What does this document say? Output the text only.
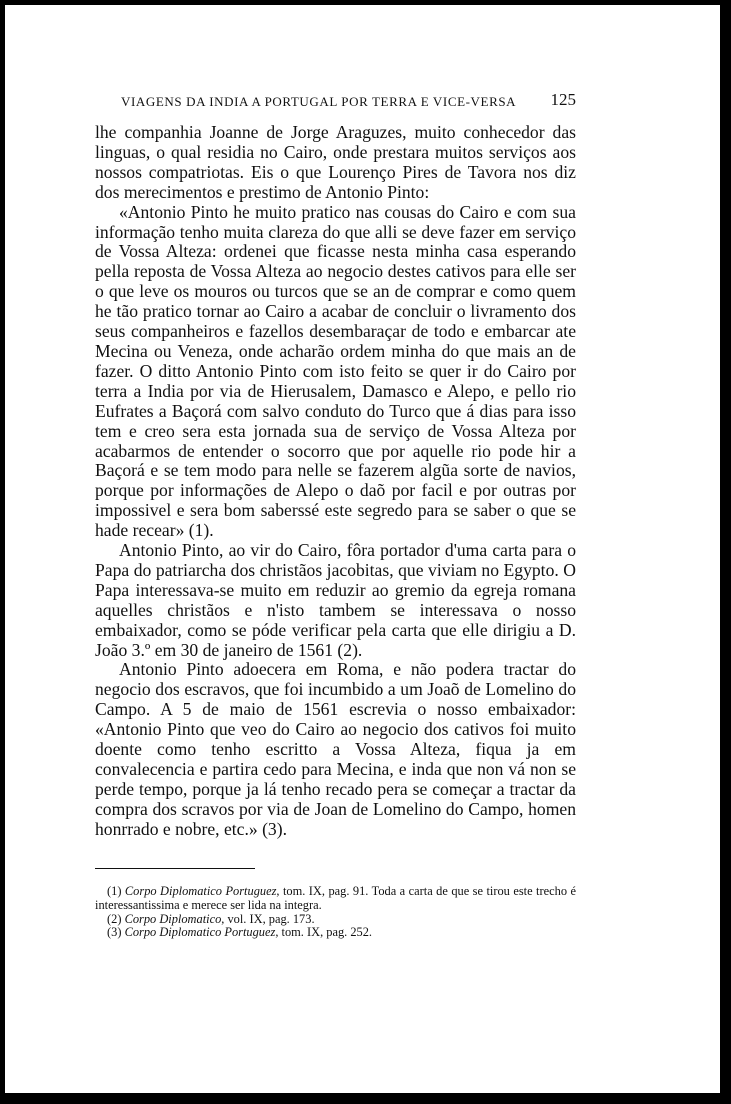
VIAGENS DA INDIA A PORTUGAL POR TERRA E VICE-VERSA 125

lhe companhia Joanne de Jorge Araguzes, muito conhecedor das linguas, o qual residia no Cairo, onde prestara muitos serviços aos nossos compatriotas. Eis o que Lourenço Pires de Tavora nos diz dos merecimentos e prestimo de Antonio Pinto:

«Antonio Pinto he muito pratico nas cousas do Cairo e com sua informação tenho muita clareza do que alli se deve fazer em serviço de Vossa Alteza: ordenei que ficasse nesta minha casa esperando pella reposta de Vossa Alteza ao negocio destes cativos para elle ser o que leve os mouros ou turcos que se an de comprar e como quem he tão pratico tornar ao Cairo a acabar de concluir o livramento dos seus companheiros e fazellos desembaraçar de todo e embarcar ate Mecina ou Veneza, onde acharão ordem minha do que mais an de fazer. O ditto Antonio Pinto com isto feito se quer ir do Cairo por terra a India por via de Hierusalem, Damasco e Alepo, e pello rio Eufrates a Baçorá com salvo conduto do Turco que á dias para isso tem e creo sera esta jornada sua de serviço de Vossa Alteza por acabarmos de entender o socorro que por aquelle rio pode hir a Baçorá e se tem modo para nelle se fazerem algũa sorte de navios, porque por informações de Alepo o daõ por facil e por outras por impossivel e sera bom saberssé este segredo para se saber o que se hade recear» (1).

Antonio Pinto, ao vir do Cairo, fôra portador d'uma carta para o Papa do patriarcha dos christãos jacobitas, que viviam no Egypto. O Papa interessava-se muito em reduzir ao gremio da egreja romana aquelles christãos e n'isto tambem se interessava o nosso embaixador, como se póde verificar pela carta que elle dirigiu a D. João 3.º em 30 de janeiro de 1561 (2).

Antonio Pinto adoecera em Roma, e não podera tractar do negocio dos escravos, que foi incumbido a um Joaõ de Lomelino do Campo. A 5 de maio de 1561 escrevia o nosso embaixador: «Antonio Pinto que veo do Cairo ao negocio dos cativos foi muito doente como tenho escritto a Vossa Alteza, fiqua ja em convalecencia e partira cedo para Mecina, e inda que non vá non se perde tempo, porque ja lá tenho recado pera se começar a tractar da compra dos scravos por via de Joan de Lomelino do Campo, homen honrrado e nobre, etc.» (3).

(1) Corpo Diplomatico Portuguez, tom. IX, pag. 91. Toda a carta de que se tirou este trecho é interessantissima e merece ser lida na integra.

(2) Corpo Diplomatico, vol. IX, pag. 173.

(3) Corpo Diplomatico Portuguez, tom. IX, pag. 252.
